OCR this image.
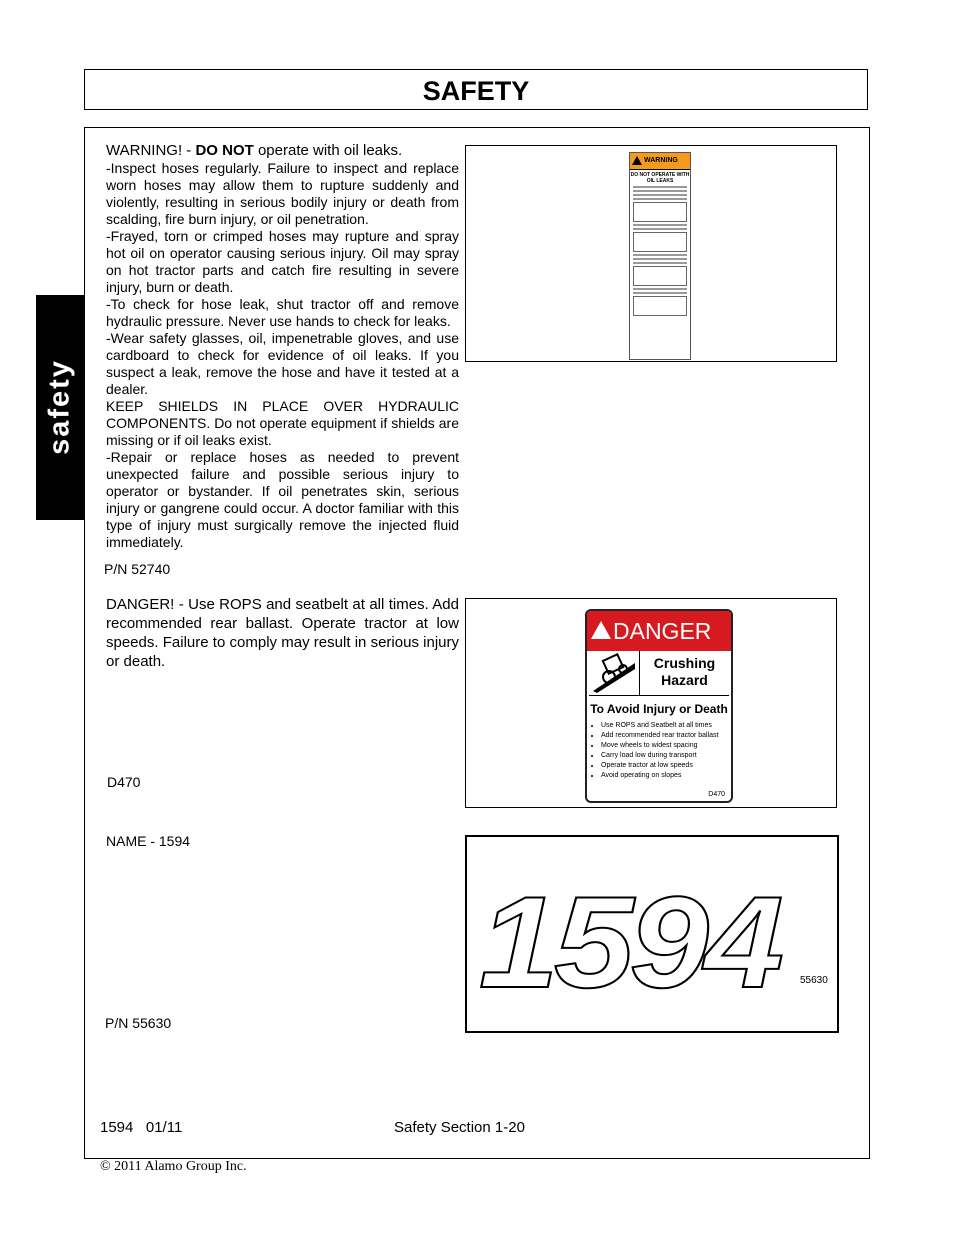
SAFETY
safety

WARNING! - DO NOT operate with oil leaks.

-Inspect hoses regularly. Failure to inspect and replace worn hoses may allow them to rupture suddenly and violently, resulting in serious bodily injury or death from scalding, fire burn injury, or oil penetration.

-Frayed, torn or crimped hoses may rupture and spray hot oil on operator causing serious injury. Oil may spray on hot tractor parts and catch fire resulting in severe injury, burn or death.

-To check for hose leak, shut tractor off and remove hydraulic pressure. Never use hands to check for leaks.

-Wear safety glasses, oil, impenetrable gloves, and use cardboard to check for evidence of oil leaks. If you suspect a leak, remove the hose and have it tested at a dealer.

KEEP SHIELDS IN PLACE OVER HYDRAULIC COMPONENTS. Do not operate equipment if shields are missing or if oil leaks exist.

-Repair or replace hoses as needed to prevent unexpected failure and possible serious injury to operator or bystander. If oil penetrates skin, serious injury or gangrene could occur. A doctor familiar with this type of injury must surgically remove the injected fluid immediately.

P/N 52740
WARNING
DO NOT OPERATE WITH OIL LEAKS
DANGER! - Use ROPS and seatbelt at all times. Add recommended rear ballast. Operate tractor at low speeds. Failure to comply may result in serious injury or death.
D470
DANGER
Crushing Hazard
To Avoid Injury or Death
• Use ROPS and Seatbelt at all times
• Add recommended rear tractor ballast
• Move wheels to widest spacing
• Carry load low during transport
• Operate tractor at low speeds
• Avoid operating on slopes
D470
NAME - 1594
P/N 55630
1594 55630
1594   01/11	Safety Section 1-20
© 2011 Alamo Group Inc.
